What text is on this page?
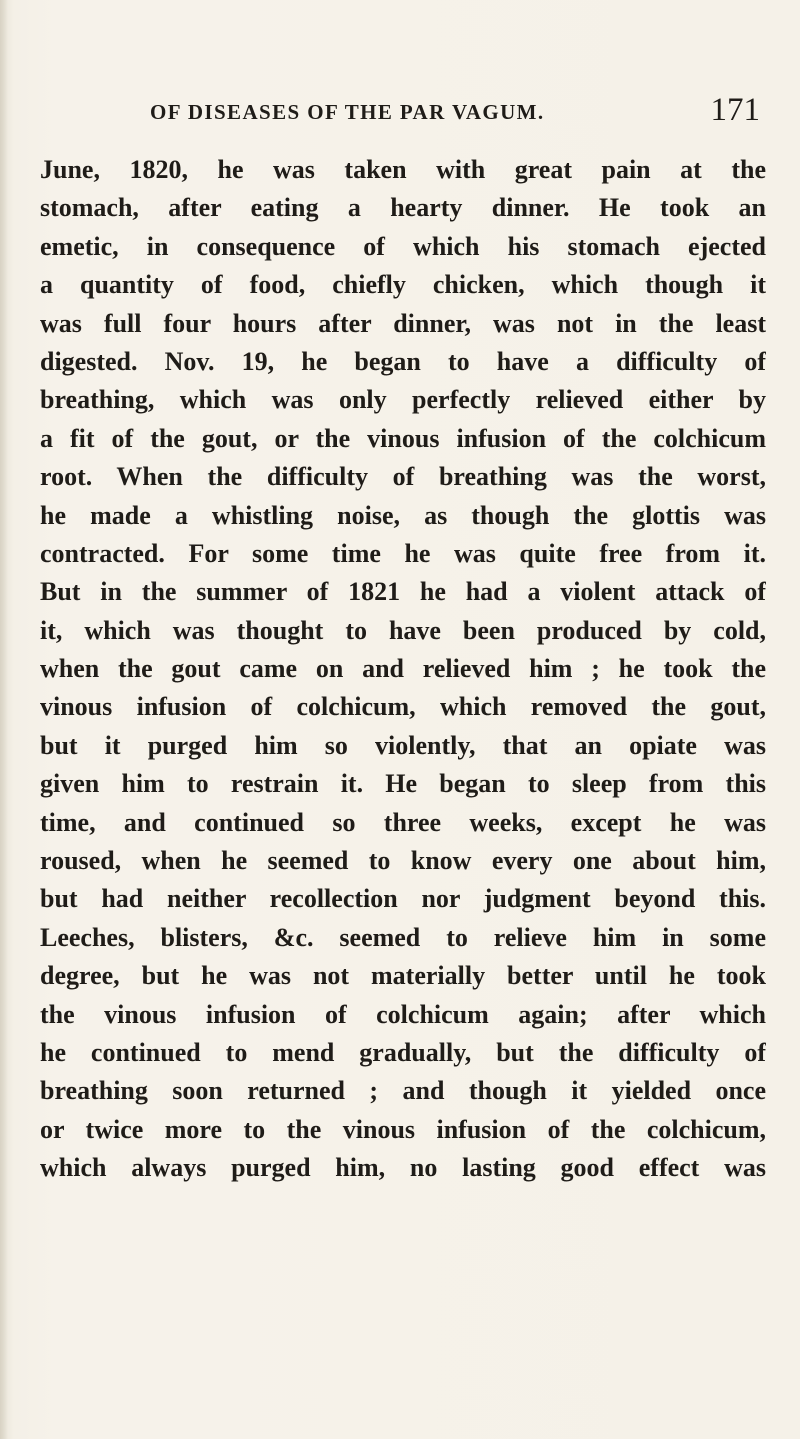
OF DISEASES OF THE PAR VAGUM.	171
June, 1820, he was taken with great pain at the
stomach, after eating a hearty dinner. He took an
emetic, in consequence of which his stomach ejected
a quantity of food, chiefly chicken, which though it
was full four hours after dinner, was not in the least
digested. Nov. 19, he began to have a difficulty of
breathing, which was only perfectly relieved either by
a fit of the gout, or the vinous infusion of the colchicum
root. When the difficulty of breathing was the worst,
he made a whistling noise, as though the glottis was
contracted. For some time he was quite free from it.
But in the summer of 1821 he had a violent attack of
it, which was thought to have been produced by cold,
when the gout came on and relieved him ; he took the
vinous infusion of colchicum, which removed the gout,
but it purged him so violently, that an opiate was
given him to restrain it. He began to sleep from this
time, and continued so three weeks, except he was
roused, when he seemed to know every one about him,
but had neither recollection nor judgment beyond this.
Leeches, blisters, &c. seemed to relieve him in some
degree, but he was not materially better until he took
the vinous infusion of colchicum again; after which
he continued to mend gradually, but the difficulty of
breathing soon returned ; and though it yielded once
or twice more to the vinous infusion of the colchicum,
which always purged him, no lasting good effect was
